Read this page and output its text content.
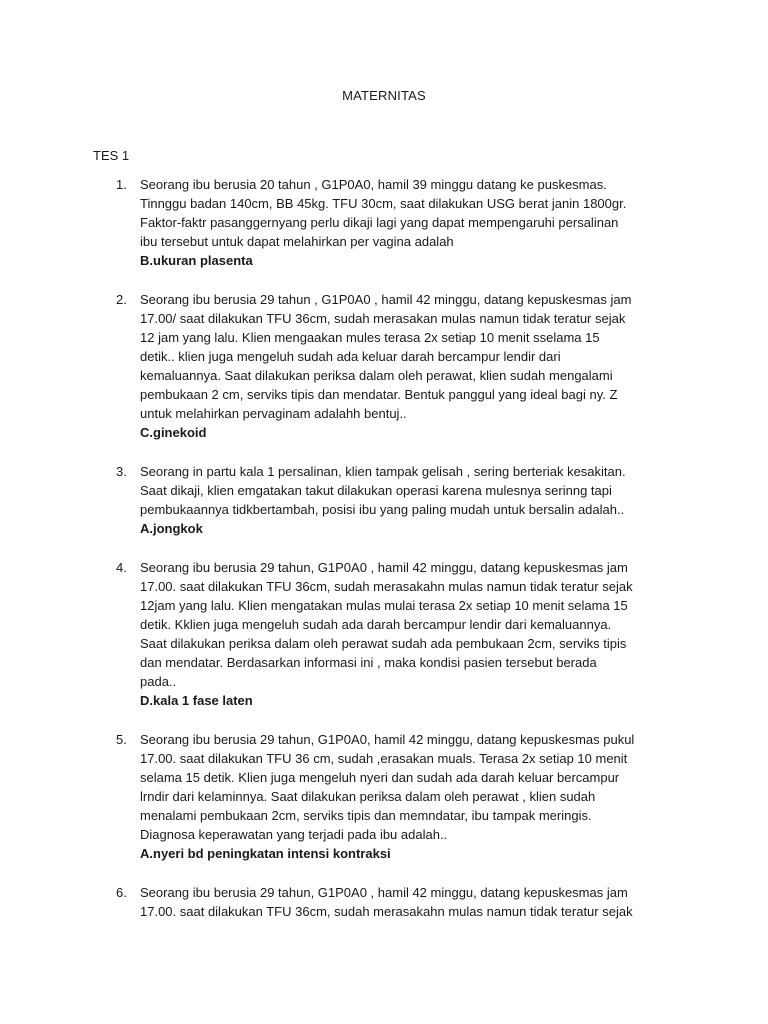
MATERNITAS
TES 1
1. Seorang ibu berusia 20 tahun , G1P0A0, hamil 39 minggu datang ke puskesmas.
Tinnggu badan 140cm, BB 45kg. TFU 30cm, saat dilakukan USG berat janin 1800gr.
Faktor-faktr pasanggernyang perlu dikaji lagi yang dapat mempengaruhi persalinan
ibu tersebut untuk dapat melahirkan per vagina adalah
B.ukuran plasenta
2. Seorang ibu berusia 29 tahun , G1P0A0 , hamil 42 minggu, datang kepuskesmas jam
17.00/ saat dilakukan TFU 36cm, sudah merasakan mulas namun tidak teratur sejak
12 jam yang lalu. Klien mengaakan mules terasa 2x setiap 10 menit sselama 15
detik.. klien juga mengeluh sudah ada keluar darah bercampur lendir dari
kemaluannya. Saat dilakukan periksa dalam oleh perawat, klien sudah mengalami
pembukaan 2 cm, serviks tipis dan mendatar. Bentuk panggul yang ideal bagi ny. Z
untuk melahirkan pervaginam adalahh bentuj..
C.ginekoid
3. Seorang in partu kala 1 persalinan, klien tampak gelisah , sering berteriak kesakitan.
Saat dikaji, klien emgatakan takut dilakukan operasi karena mulesnya serinng tapi
pembukaannya tidkbertambah, posisi ibu yang paling mudah untuk bersalin adalah..
A.jongkok
4. Seorang ibu berusia 29 tahun, G1P0A0 , hamil 42 minggu, datang kepuskesmas jam
17.00. saat dilakukan TFU 36cm, sudah merasakahn mulas namun tidak teratur sejak
12jam yang lalu. Klien mengatakan mulas mulai terasa 2x setiap 10 menit selama 15
detik. Kklien juga mengeluh sudah ada darah bercampur lendir dari kemaluannya.
Saat dilakukan periksa dalam oleh perawat sudah ada pembukaan 2cm, serviks tipis
dan mendatar. Berdasarkan informasi ini , maka kondisi pasien tersebut berada
pada..
D.kala 1 fase laten
5. Seorang ibu berusia 29 tahun, G1P0A0, hamil 42 minggu, datang kepuskesmas pukul
17.00. saat dilakukan TFU 36 cm, sudah ,erasakan muals. Terasa 2x setiap 10 menit
selama 15 detik. Klien juga mengeluh nyeri dan sudah ada darah keluar bercampur
lrndir dari kelaminnya. Saat dilakukan periksa dalam oleh perawat , klien sudah
menalami pembukaan 2cm, serviks tipis dan memndatar, ibu tampak meringis.
Diagnosa keperawatan yang terjadi pada ibu adalah..
A.nyeri bd peningkatan intensi kontraksi
6. Seorang ibu berusia 29 tahun, G1P0A0 , hamil 42 minggu, datang kepuskesmas jam
17.00. saat dilakukan TFU 36cm, sudah merasakahn mulas namun tidak teratur sejak
